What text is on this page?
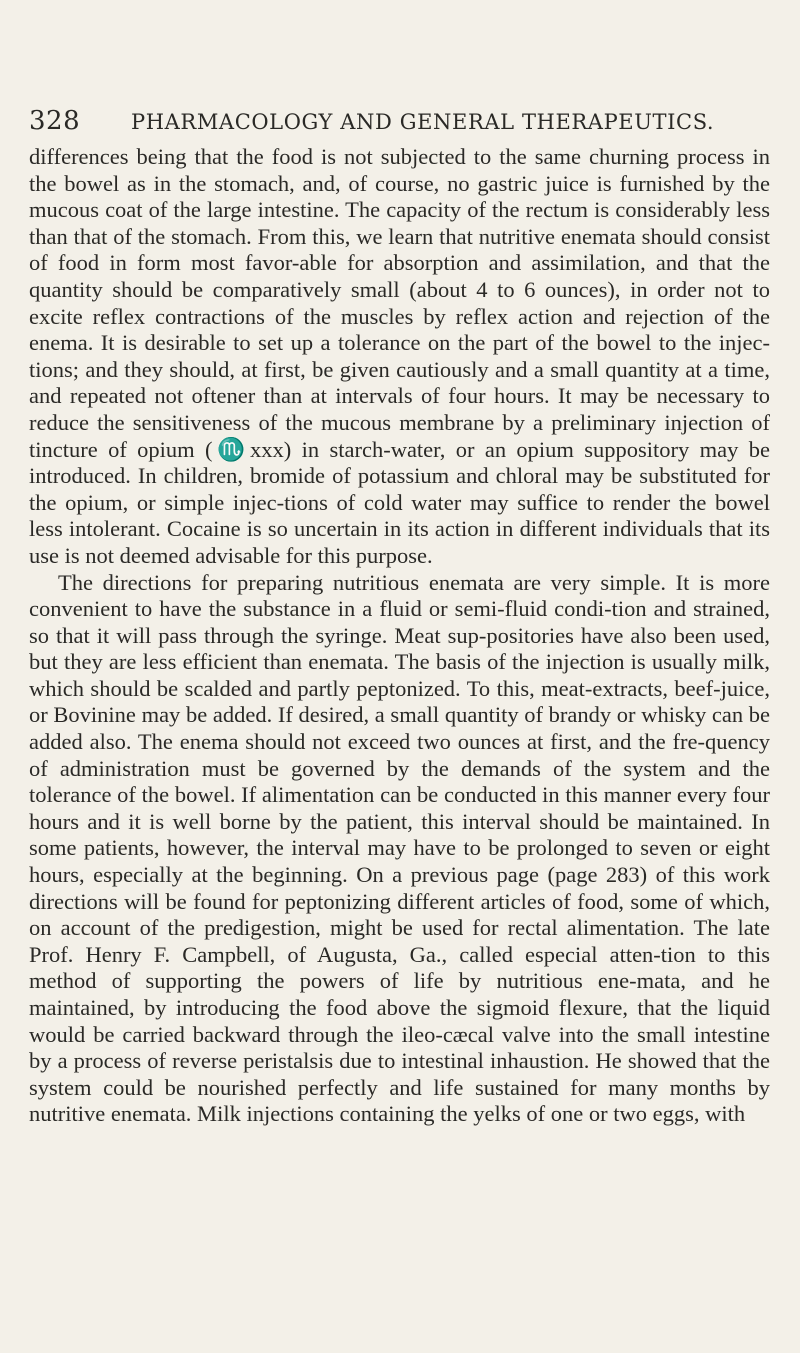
328 PHARMACOLOGY AND GENERAL THERAPEUTICS.

differences being that the food is not subjected to the same churning process in the bowel as in the stomach, and, of course, no gastric juice is furnished by the mucous coat of the large intestine. The capacity of the rectum is considerably less than that of the stomach. From this, we learn that nutritive enemata should consist of food in form most favor-able for absorption and assimilation, and that the quantity should be comparatively small (about 4 to 6 ounces), in order not to excite reflex contractions of the muscles by reflex action and rejection of the enema. It is desirable to set up a tolerance on the part of the bowel to the injec-tions; and they should, at first, be given cautiously and a small quantity at a time, and repeated not oftener than at intervals of four hours. It may be necessary to reduce the sensitiveness of the mucous membrane by a preliminary injection of tincture of opium (♏xxx) in starch-water, or an opium suppository may be introduced. In children, bromide of potassium and chloral may be substituted for the opium, or simple injec-tions of cold water may suffice to render the bowel less intolerant. Cocaine is so uncertain in its action in different individuals that its use is not deemed advisable for this purpose.

The directions for preparing nutritious enemata are very simple. It is more convenient to have the substance in a fluid or semi-fluid condi-tion and strained, so that it will pass through the syringe. Meat sup-positories have also been used, but they are less efficient than enemata. The basis of the injection is usually milk, which should be scalded and partly peptonized. To this, meat-extracts, beef-juice, or Bovinine may be added. If desired, a small quantity of brandy or whisky can be added also. The enema should not exceed two ounces at first, and the fre-quency of administration must be governed by the demands of the system and the tolerance of the bowel. If alimentation can be conducted in this manner every four hours and it is well borne by the patient, this interval should be maintained. In some patients, however, the interval may have to be prolonged to seven or eight hours, especially at the beginning. On a previous page (page 283) of this work directions will be found for peptonizing different articles of food, some of which, on account of the predigestion, might be used for rectal alimentation. The late Prof. Henry F. Campbell, of Augusta, Ga., called especial atten-tion to this method of supporting the powers of life by nutritious ene-mata, and he maintained, by introducing the food above the sigmoid flexure, that the liquid would be carried backward through the ileo-cæcal valve into the small intestine by a process of reverse peristalsis due to intestinal inhaustion. He showed that the system could be nourished perfectly and life sustained for many months by nutritive enemata. Milk injections containing the yelks of one or two eggs, with
